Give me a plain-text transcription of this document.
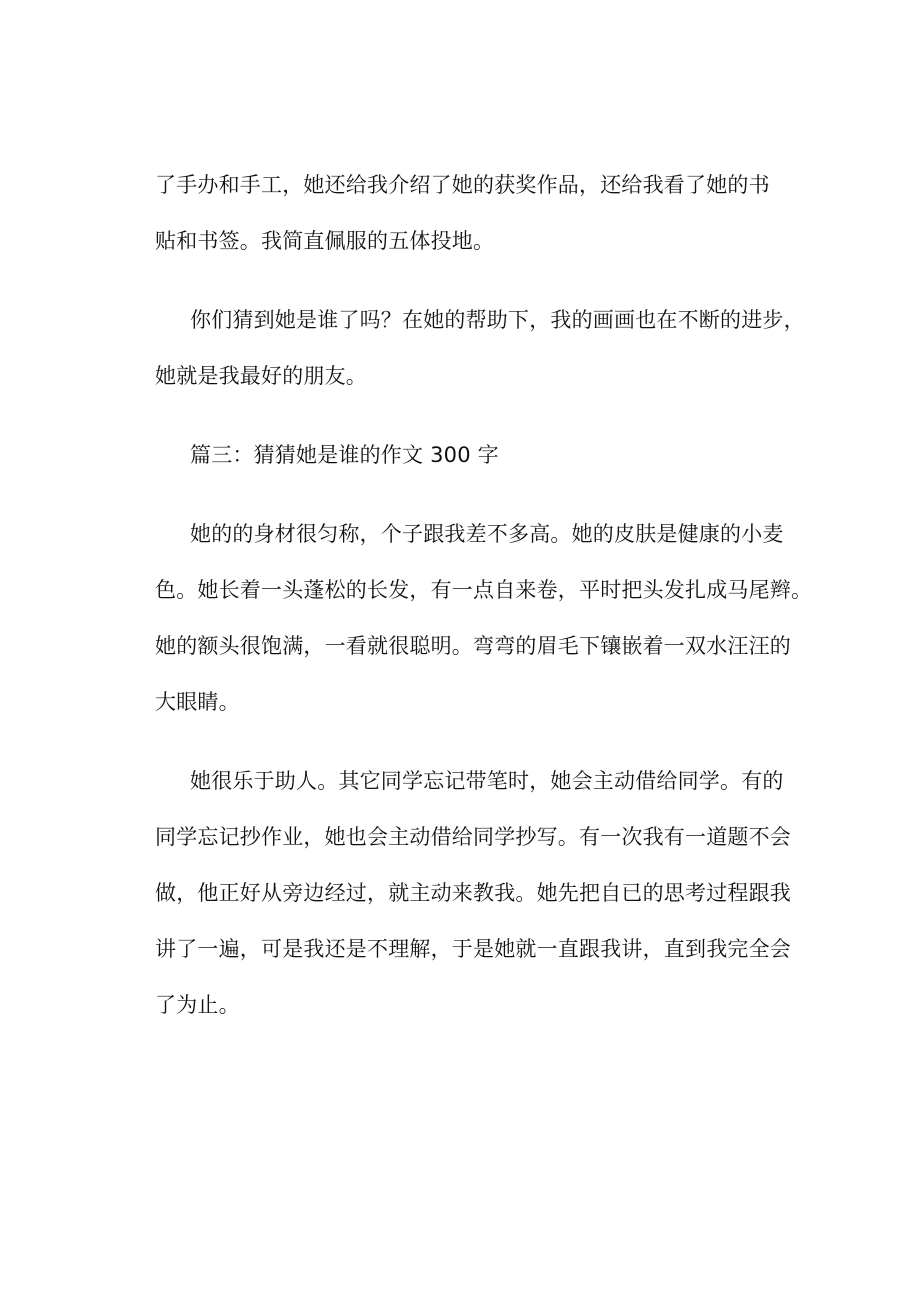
了手办和手工，她还给我介绍了她的获奖作品，还给我看了她的书
贴和书签。我简直佩服的五体投地。
你们猜到她是谁了吗？在她的帮助下，我的画画也在不断的进步，
她就是我最好的朋友。
篇三：猜猜她是谁的作文 300 字
她的的身材很匀称，个子跟我差不多高。她的皮肤是健康的小麦
色。她长着一头蓬松的长发，有一点自来卷，平时把头发扎成马尾辫。
她的额头很饱满，一看就很聪明。弯弯的眉毛下镶嵌着一双水汪汪的
大眼睛。
她很乐于助人。其它同学忘记带笔时，她会主动借给同学。有的
同学忘记抄作业，她也会主动借给同学抄写。有一次我有一道题不会
做，他正好从旁边经过，就主动来教我。她先把自已的思考过程跟我
讲了一遍，可是我还是不理解，于是她就一直跟我讲，直到我完全会
了为止。
